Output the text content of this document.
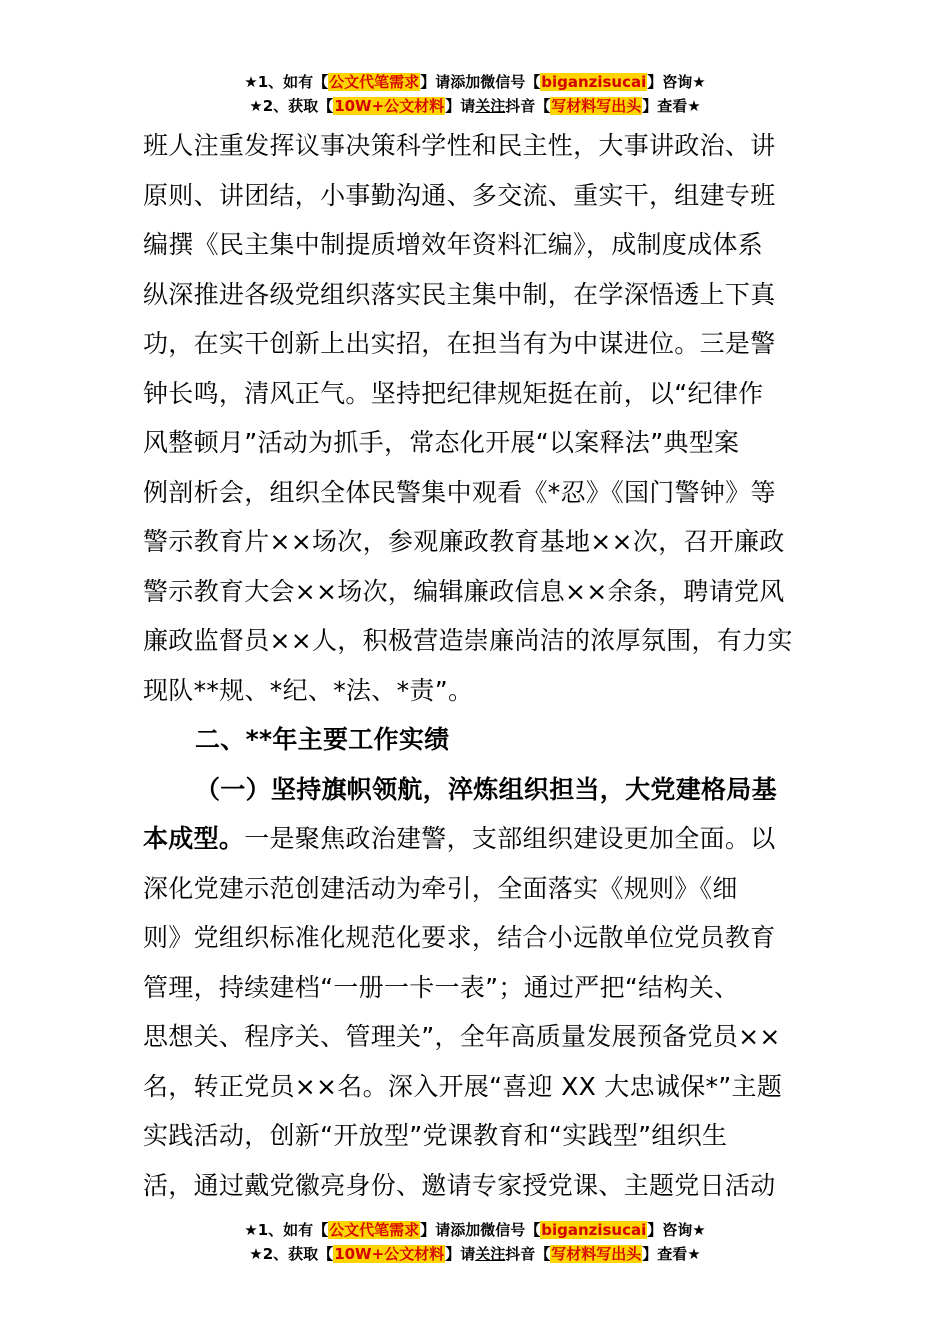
★1、如有【公文代笔需求】请添加微信号【biganzisucai】咨询★
★2、获取【10W+公文材料】请关注抖音【写材料写出头】查看★

班人注重发挥议事决策科学性和民主性，大事讲政治、讲
原则、讲团结，小事勤沟通、多交流、重实干，组建专班
编撰《民主集中制提质增效年资料汇编》，成制度成体系
纵深推进各级党组织落实民主集中制，在学深悟透上下真
功，在实干创新上出实招，在担当有为中谋进位。三是警
钟长鸣，清风正气。坚持把纪律规矩挺在前，以“纪律作
风整顿月”活动为抓手，常态化开展“以案释法”典型案
例剖析会，组织全体民警集中观看《*忍》《国门警钟》等
警示教育片××场次，参观廉政教育基地××次，召开廉政
警示教育大会××场次，编辑廉政信息××余条，聘请党风
廉政监督员××人，积极营造崇廉尚洁的浓厚氛围，有力实
现队**规、*纪、*法、*责”。

二、**年主要工作实绩

（一）坚持旗帜领航，淬炼组织担当，大党建格局基
本成型。一是聚焦政治建警，支部组织建设更加全面。以
深化党建示范创建活动为牵引，全面落实《规则》《细
则》党组织标准化规范化要求，结合小远散单位党员教育
管理，持续建档“一册一卡一表”；通过严把“结构关、
思想关、程序关、管理关”，全年高质量发展预备党员××
名，转正党员××名。深入开展“喜迎 XX 大忠诚保*”主题
实践活动，创新“开放型”党课教育和“实践型”组织生
活，通过戴党徽亮身份、邀请专家授党课、主题党日活动

★1、如有【公文代笔需求】请添加微信号【biganzisucai】咨询★
★2、获取【10W+公文材料】请关注抖音【写材料写出头】查看★
